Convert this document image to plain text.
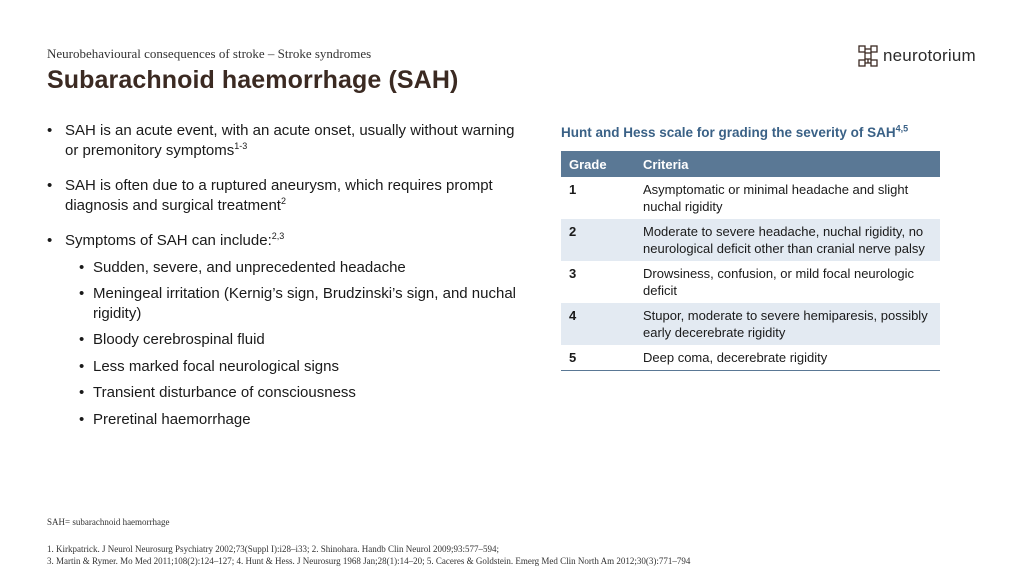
Neurobehavioural consequences of stroke – Stroke syndromes
Subarachnoid haemorrhage (SAH)
neurotorium
• SAH is an acute event, with an acute onset, usually without warning or premonitory symptoms$^{1-3}$
• SAH is often due to a ruptured aneurysm, which requires prompt diagnosis and surgical treatment$^2$
• Symptoms of SAH can include:$^{2,3}$
• Sudden, severe, and unprecedented headache
• Meningeal irritation (Kernig’s sign, Brudzinski’s sign, and nuchal rigidity)
• Bloody cerebrospinal fluid
• Less marked focal neurological signs
• Transient disturbance of consciousness
• Preretinal haemorrhage
Hunt and Hess scale for grading the severity of SAH$^{4,5}$
Grade	Criteria
1	Asymptomatic or minimal headache and slight nuchal rigidity
2	Moderate to severe headache, nuchal rigidity, no neurological deficit other than cranial nerve palsy
3	Drowsiness, confusion, or mild focal neurologic deficit
4	Stupor, moderate to severe hemiparesis, possibly early decerebrate rigidity
5	Deep coma, decerebrate rigidity
SAH= subarachnoid haemorrhage
1. Kirkpatrick. J Neurol Neurosurg Psychiatry 2002;73(Suppl I):i28–i33; 2. Shinohara. Handb Clin Neurol 2009;93:577–594;
3. Martin & Rymer. Mo Med 2011;108(2):124–127; 4. Hunt & Hess. J Neurosurg 1968 Jan;28(1):14–20; 5. Caceres & Goldstein. Emerg Med Clin North Am 2012;30(3):771–794
